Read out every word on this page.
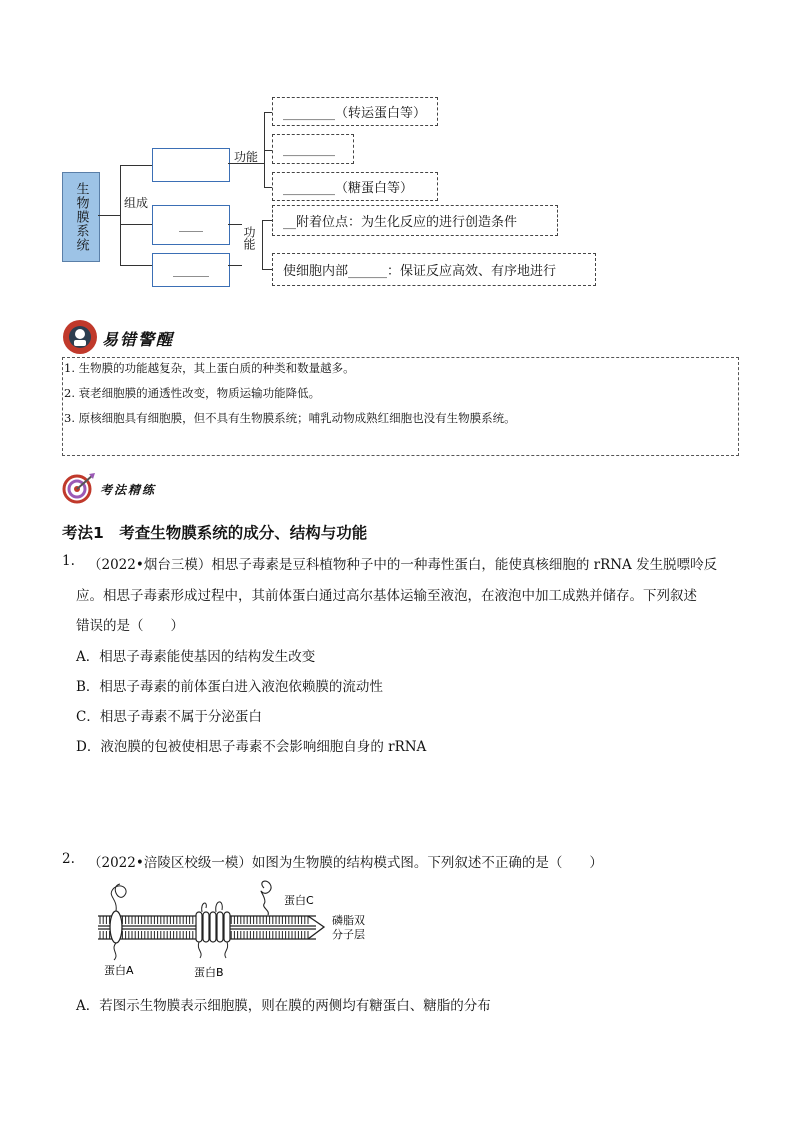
生物膜系统	组成
____
______
功能
________（转运蛋白等）
________
________（糖蛋白等）
功能
__附着位点：为生化反应的进行创造条件
使细胞内部______：保证反应高效、有序地进行
易错警醒
1. 生物膜的功能越复杂，其上蛋白质的种类和数量越多。
2. 衰老细胞膜的通透性改变，物质运输功能降低。
3. 原核细胞具有细胞膜，但不具有生物膜系统；哺乳动物成熟红细胞也没有生物膜系统。
考法精练
考法1　考查生物膜系统的成分、结构与功能
1. （2022•烟台三模）相思子毒素是豆科植物种子中的一种毒性蛋白，能使真核细胞的 rRNA 发生脱嘌呤反
应。相思子毒素形成过程中，其前体蛋白通过高尔基体运输至液泡，在液泡中加工成熟并储存。下列叙述
错误的是（　　）
A．相思子毒素能使基因的结构发生改变
B．相思子毒素的前体蛋白进入液泡依赖膜的流动性
C．相思子毒素不属于分泌蛋白
D．液泡膜的包被使相思子毒素不会影响细胞自身的 rRNA
2. （2022•涪陵区校级一模）如图为生物膜的结构模式图。下列叙述不正确的是（　　）
蛋白C
磷脂双
分子层
蛋白A	蛋白B
A．若图示生物膜表示细胞膜，则在膜的两侧均有糖蛋白、糖脂的分布
